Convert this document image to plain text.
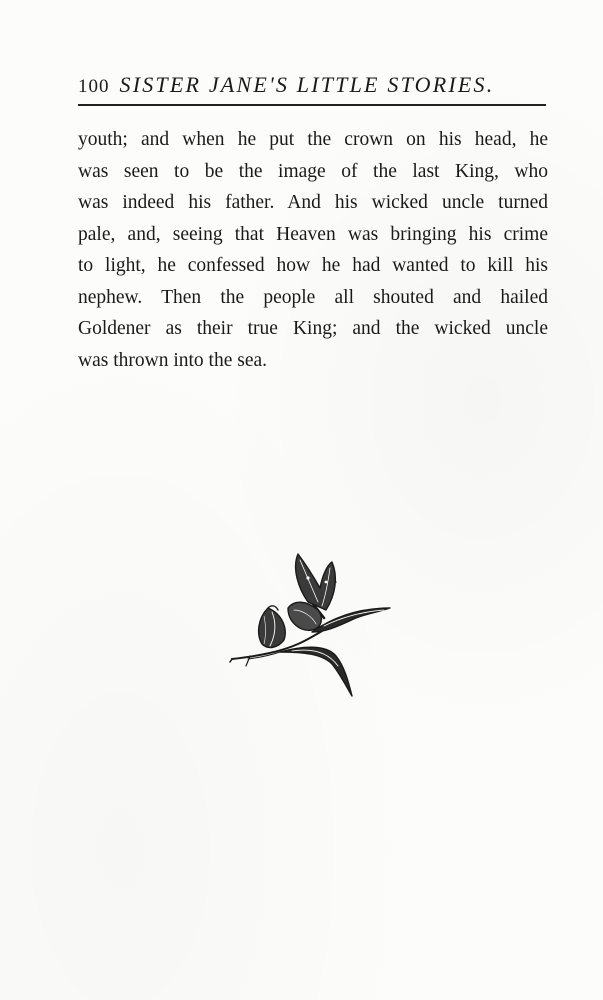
100 SISTER JANE'S LITTLE STORIES.

youth; and when he put the crown on his head, he
was seen to be the image of the last King, who
was indeed his father. And his wicked uncle turned
pale, and, seeing that Heaven was bringing his crime
to light, he confessed how he had wanted to kill his
nephew. Then the people all shouted and hailed
Goldener as their true King; and the wicked uncle
was thrown into the sea.
